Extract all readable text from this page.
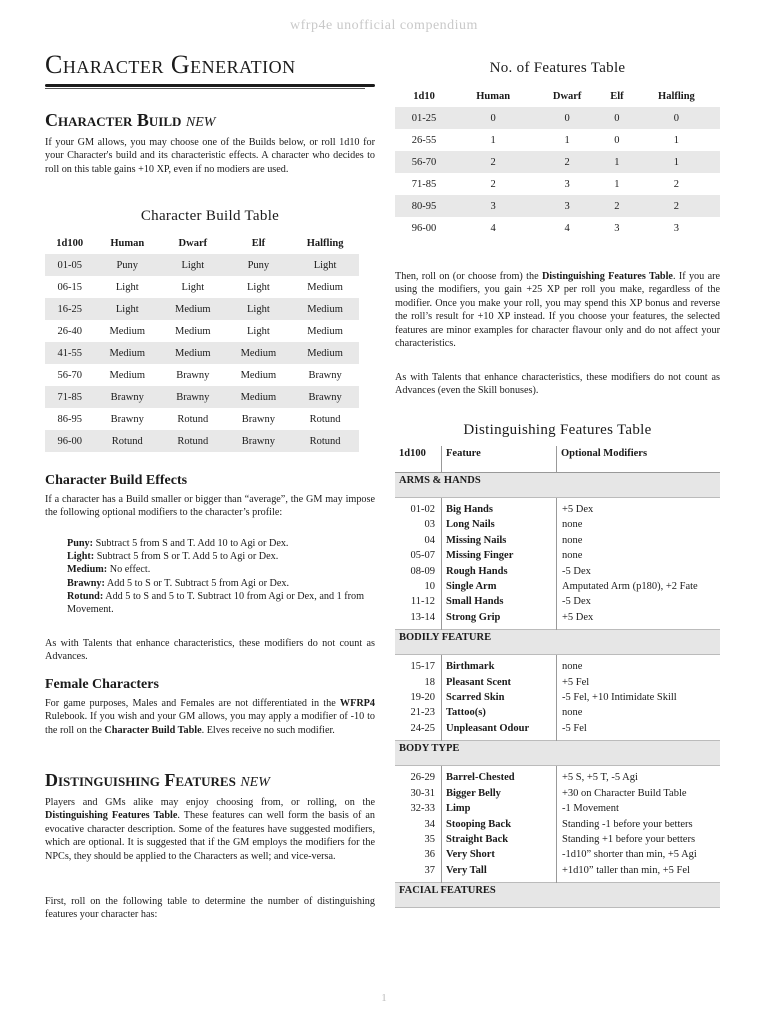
wfrp4e unofficial compendium
Character Generation
Character Build NEW
If your GM allows, you may choose one of the Builds below, or roll 1d10 for your Character's build and its characteristic effects. A character who decides to roll on this table gains +10 XP, even if no modiers are used.
Character Build Table
1d100	Human	Dwarf	Elf	Halfling
01-05	Puny	Light	Puny	Light
06-15	Light	Light	Light	Medium
16-25	Light	Medium	Light	Medium
26-40	Medium	Medium	Light	Medium
41-55	Medium	Medium	Medium	Medium
56-70	Medium	Brawny	Medium	Brawny
71-85	Brawny	Brawny	Medium	Brawny
86-95	Brawny	Rotund	Brawny	Rotund
96-00	Rotund	Rotund	Brawny	Rotund
Character Build Effects
If a character has a Build smaller or bigger than “average”, the GM may impose the following optional modifiers to the character’s profile:
Puny: Subtract 5 from S and T. Add 10 to Agi or Dex.
Light: Subtract 5 from S or T. Add 5 to Agi or Dex.
Medium: No effect.
Brawny: Add 5 to S or T. Subtract 5 from Agi or Dex.
Rotund: Add 5 to S and 5 to T. Subtract 10 from Agi or Dex, and 1 from Movement.
As with Talents that enhance characteristics, these modifiers do not count as Advances.
Female Characters
For game purposes, Males and Females are not differentiated in the WFRP4 Rulebook. If you wish and your GM allows, you may apply a modifier of -10 to the roll on the Character Build Table. Elves receive no such modifier.
Distinguishing Features NEW
Players and GMs alike may enjoy choosing from, or rolling, on the Distinguishing Features Table. These features can well form the basis of an evocative character description. Some of the features have suggested modifiers, which are optional. It is suggested that if the GM employs the modifiers for the NPCs, they should be applied to the Characters as well; and vice-versa.
First, roll on the following table to determine the number of distinguishing features your character has:
No. of Features Table
1d10	Human	Dwarf	Elf	Halfling
01-25	0	0	0	0
26-55	1	1	0	1
56-70	2	2	1	1
71-85	2	3	1	2
80-95	3	3	2	2
96-00	4	4	3	3
Then, roll on (or choose from) the Distinguishing Features Table. If you are using the modifiers, you gain +25 XP per roll you make, regardless of the modifier. Once you make your roll, you may spend this XP bonus and reverse the roll’s result for +10 XP instead. If you choose your features, the selected features are minor examples for character flavour only and do not affect your characteristics.
As with Talents that enhance characteristics, these modifiers do not count as Advances (even the Skill bonuses).
Distinguishing Features Table
1d100	Feature	Optional Modifiers
ARMS & HANDS		
01-02	Big Hands	+5 Dex
03	Long Nails	none
04	Missing Nails	none
05-07	Missing Finger	none
08-09	Rough Hands	-5 Dex
10	Single Arm	Amputated Arm (p180), +2 Fate
11-12	Small Hands	-5 Dex
13-14	Strong Grip	+5 Dex
BODILY FEATURE		
15-17	Birthmark	none
18	Pleasant Scent	+5 Fel
19-20	Scarred Skin	-5 Fel, +10 Intimidate Skill
21-23	Tattoo(s)	none
24-25	Unpleasant Odour	-5 Fel
BODY TYPE		
26-29	Barrel-Chested	+5 S, +5 T, -5 Agi
30-31	Bigger Belly	+30 on Character Build Table
32-33	Limp	-1 Movement
34	Stooping Back	Standing -1 before your betters
35	Straight Back	Standing +1 before your betters
36	Very Short	-1d10” shorter than min, +5 Agi
37	Very Tall	+1d10” taller than min, +5 Fel
FACIAL FEATURES		
1
